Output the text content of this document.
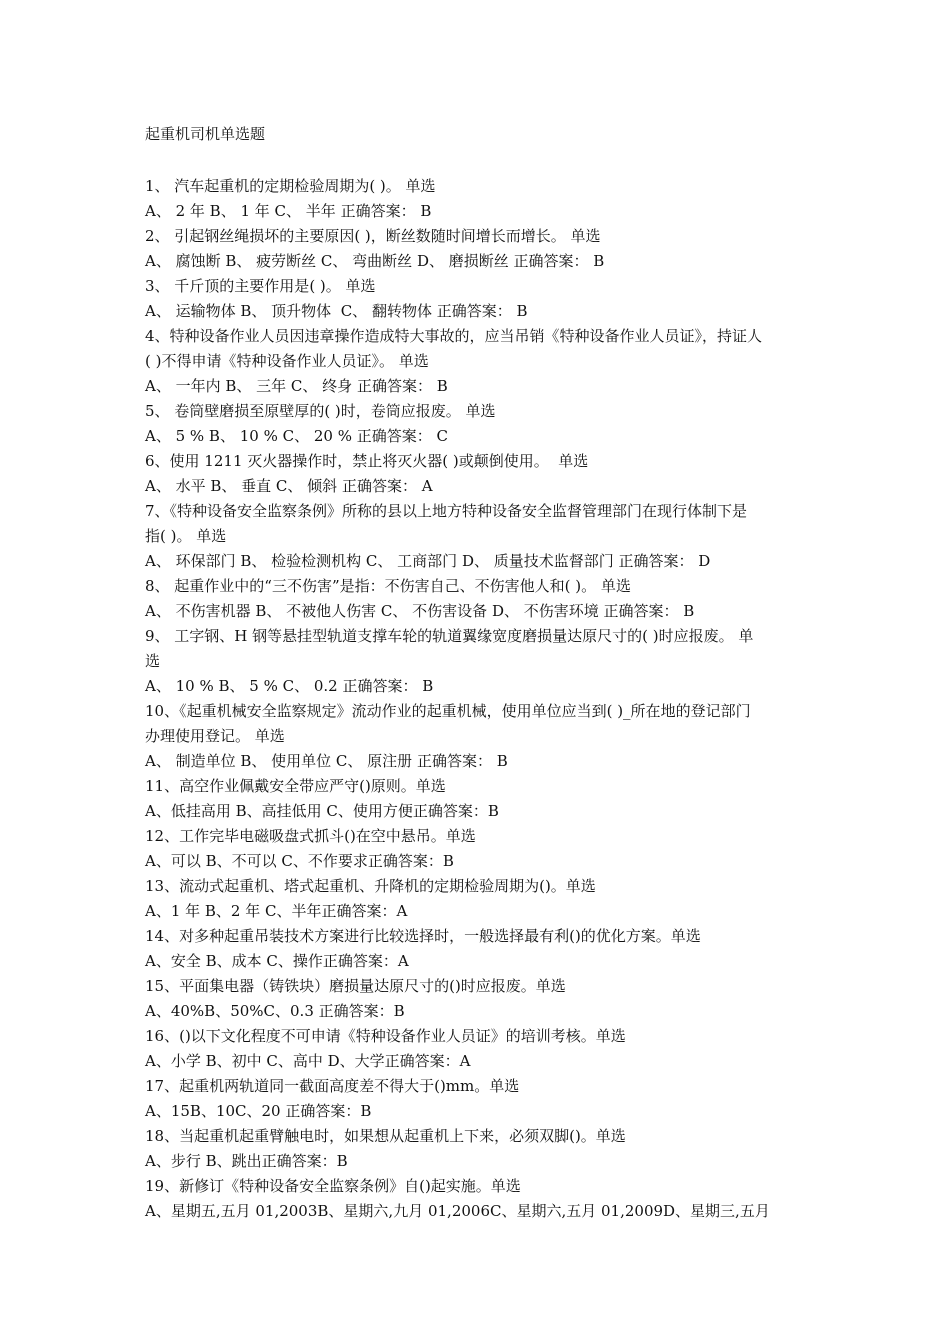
起重机司机单选题
1、 汽车起重机的定期检验周期为( )。 单选
A、 2 年 B、 1 年 C、 半年 正确答案： B
2、 引起钢丝绳损坏的主要原因( )，断丝数随时间增长而增长。 单选
A、 腐蚀断 B、 疲劳断丝 C、 弯曲断丝 D、 磨损断丝 正确答案： B
3、 千斤顶的主要作用是( )。 单选
A、 运输物体 B、 顶升物体  C、 翻转物体 正确答案： B
4、特种设备作业人员因违章操作造成特大事故的，应当吊销《特种设备作业人员证》，持证人
( )不得申请《特种设备作业人员证》。 单选
A、 一年内 B、 三年 C、 终身 正确答案： B
5、 卷筒壁磨损至原壁厚的( )时，卷筒应报废。 单选
A、 5 % B、 10 % C、 20 % 正确答案： C
6、使用 1211 灭火器操作时，禁止将灭火器( )或颠倒使用。  单选
A、 水平 B、 垂直 C、 倾斜 正确答案： A
7、《特种设备安全监察条例》所称的县以上地方特种设备安全监督管理部门在现行体制下是
指( )。 单选
A、 环保部门 B、 检验检测机构 C、 工商部门 D、 质量技术监督部门 正确答案： D
8、 起重作业中的“三不伤害”是指：不伤害自己、不伤害他人和( )。 单选
A、 不伤害机器 B、 不被他人伤害 C、 不伤害设备 D、 不伤害环境 正确答案： B
9、 工字钢、H 钢等悬挂型轨道支撑车轮的轨道翼缘宽度磨损量达原尺寸的( )时应报废。 单
选
A、 10 % B、 5 % C、 0.2 正确答案： B
10、《起重机械安全监察规定》流动作业的起重机械，使用单位应当到( )_所在地的登记部门
办理使用登记。 单选
A、 制造单位 B、 使用单位 C、 原注册 正确答案： B
11、高空作业佩戴安全带应严守()原则。单选
A、低挂高用 B、高挂低用 C、使用方便正确答案：B
12、工作完毕电磁吸盘式抓斗()在空中悬吊。单选
A、可以 B、不可以 C、不作要求正确答案：B
13、流动式起重机、塔式起重机、升降机的定期检验周期为()。单选
A、1 年 B、2 年 C、半年正确答案：A
14、对多种起重吊装技术方案进行比较选择时，一般选择最有利()的优化方案。单选
A、安全 B、成本 C、操作正确答案：A
15、平面集电器（铸铁块）磨损量达原尺寸的()时应报废。单选
A、40%B、50%C、0.3 正确答案：B
16、()以下文化程度不可申请《特种设备作业人员证》的培训考核。单选
A、小学 B、初中 C、高中 D、大学正确答案：A
17、起重机两轨道同一截面高度差不得大于()mm。单选
A、15B、10C、20 正确答案：B
18、当起重机起重臂触电时，如果想从起重机上下来，必须双脚()。单选
A、步行 B、跳出正确答案：B
19、新修订《特种设备安全监察条例》自()起实施。单选
A、星期五,五月 01,2003B、星期六,九月 01,2006C、星期六,五月 01,2009D、星期三,五月
